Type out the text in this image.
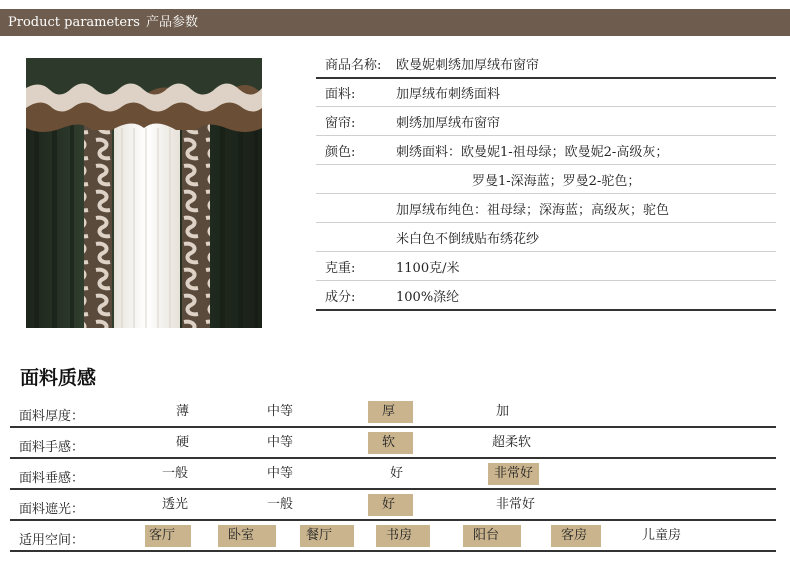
Product parameters 产品参数
商品名称: 欧曼妮刺绣加厚绒布窗帘
面料:	加厚绒布刺绣面料
窗帘:	刺绣加厚绒布窗帘
颜色:	刺绣面料：欧曼妮1-祖母绿；欧曼妮2-高级灰；
罗曼1-深海蓝；罗曼2-驼色；
加厚绒布纯色：祖母绿；深海蓝；高级灰；驼色
米白色不倒绒贴布绣花纱
克重:	1100克/米
成分:	100%涤纶
面料质感
面料厚度：	薄	中等	厚	加
面料手感：	硬	中等	软	超柔软
面料垂感：	一般	中等	好	非常好
面料遮光：	透光	一般	好	非常好
适用空间：	客厅	卧室	餐厅	书房	阳台	客房	儿童房
